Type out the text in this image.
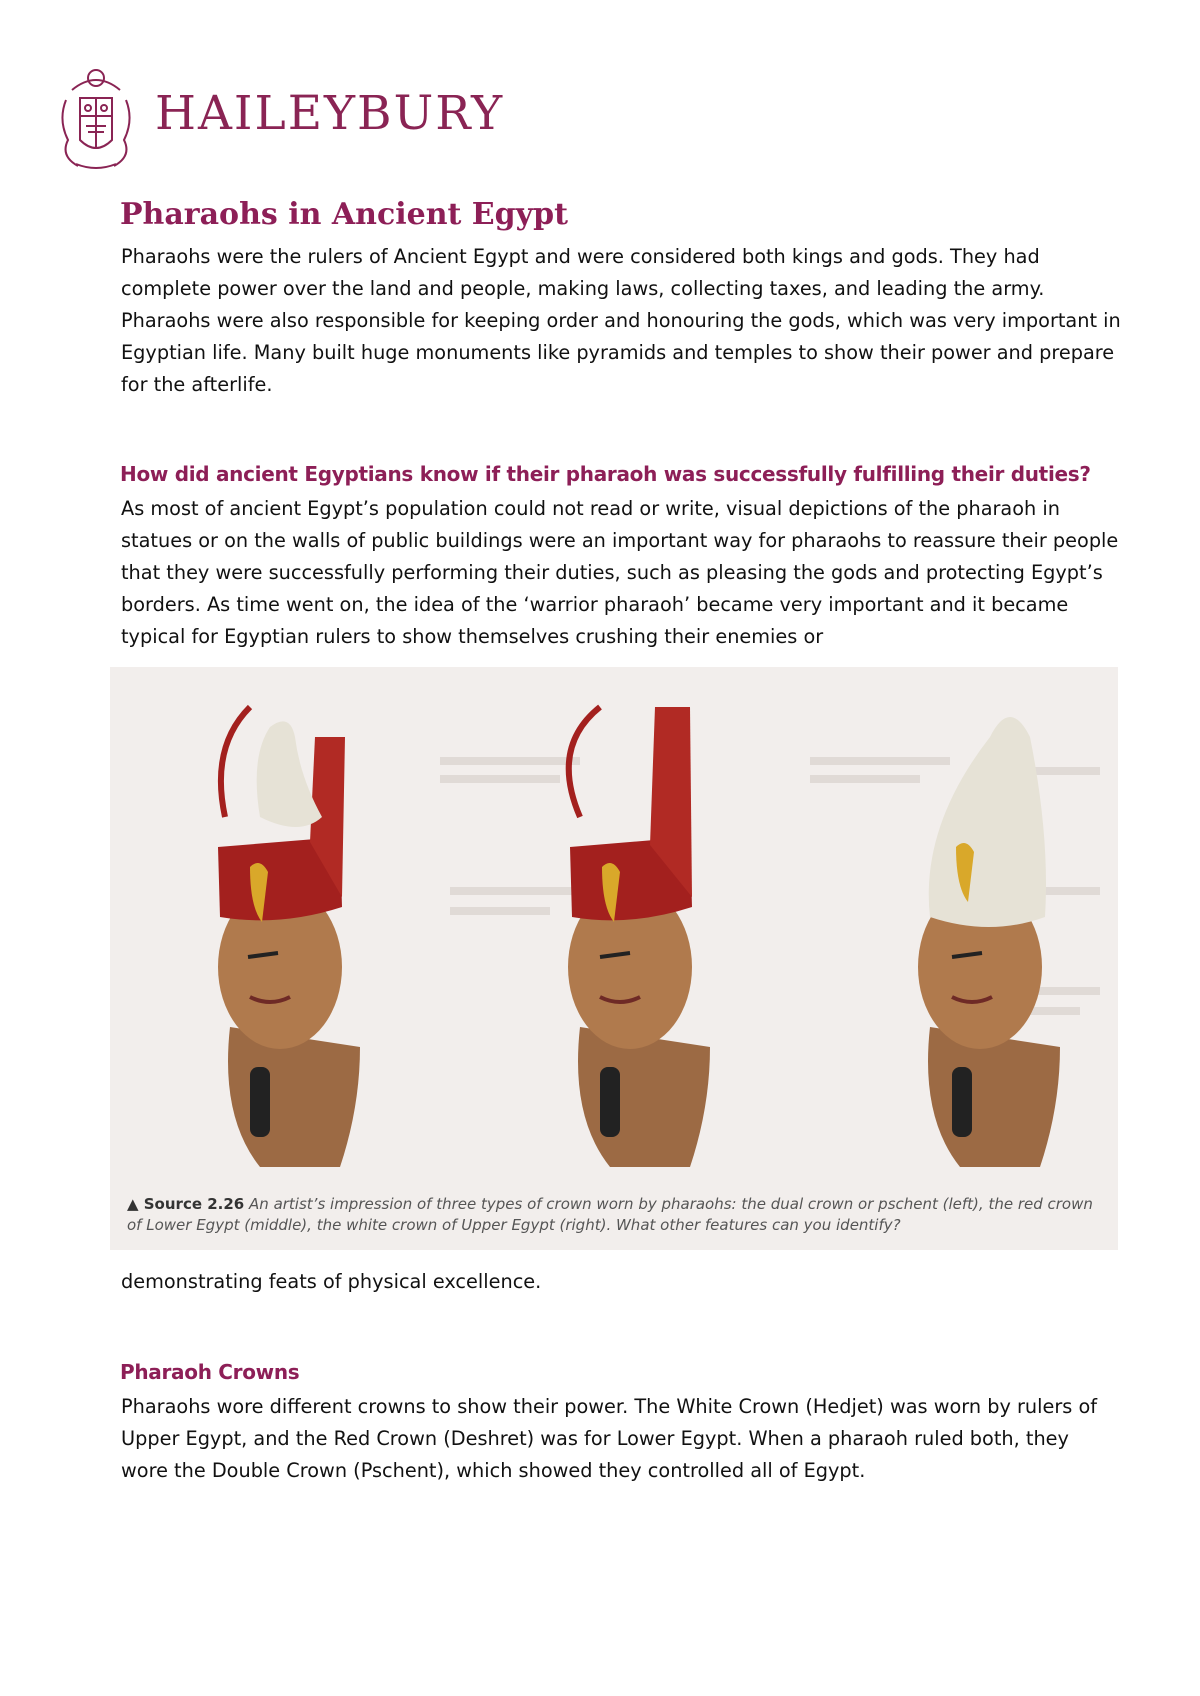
HAILEYBURY
Pharaohs in Ancient Egypt

Pharaohs were the rulers of Ancient Egypt and were considered both kings and gods. They had complete power over the land and people, making laws, collecting taxes, and leading the army. Pharaohs were also responsible for keeping order and honouring the gods, which was very important in Egyptian life. Many built huge monuments like pyramids and temples to show their power and prepare for the afterlife.

How did ancient Egyptians know if their pharaoh was successfully fulfilling their duties?

As most of ancient Egypt’s population could not read or write, visual depictions of the pharaoh in statues or on the walls of public buildings were an important way for pharaohs to reassure their people that they were successfully performing their duties, such as pleasing the gods and protecting Egypt’s borders. As time went on, the idea of the ‘warrior pharaoh’ became very important and it became typical for Egyptian rulers to show themselves crushing their enemies or

▲ Source 2.26 An artist’s impression of three types of crown worn by pharaohs: the dual crown or pschent (left), the red crown of Lower Egypt (middle), the white crown of Upper Egypt (right). What other features can you identify?

demonstrating feats of physical excellence.

Pharaoh Crowns

Pharaohs wore different crowns to show their power. The White Crown (Hedjet) was worn by rulers of Upper Egypt, and the Red Crown (Deshret) was for Lower Egypt. When a pharaoh ruled both, they wore the Double Crown (Pschent), which showed they controlled all of Egypt.
